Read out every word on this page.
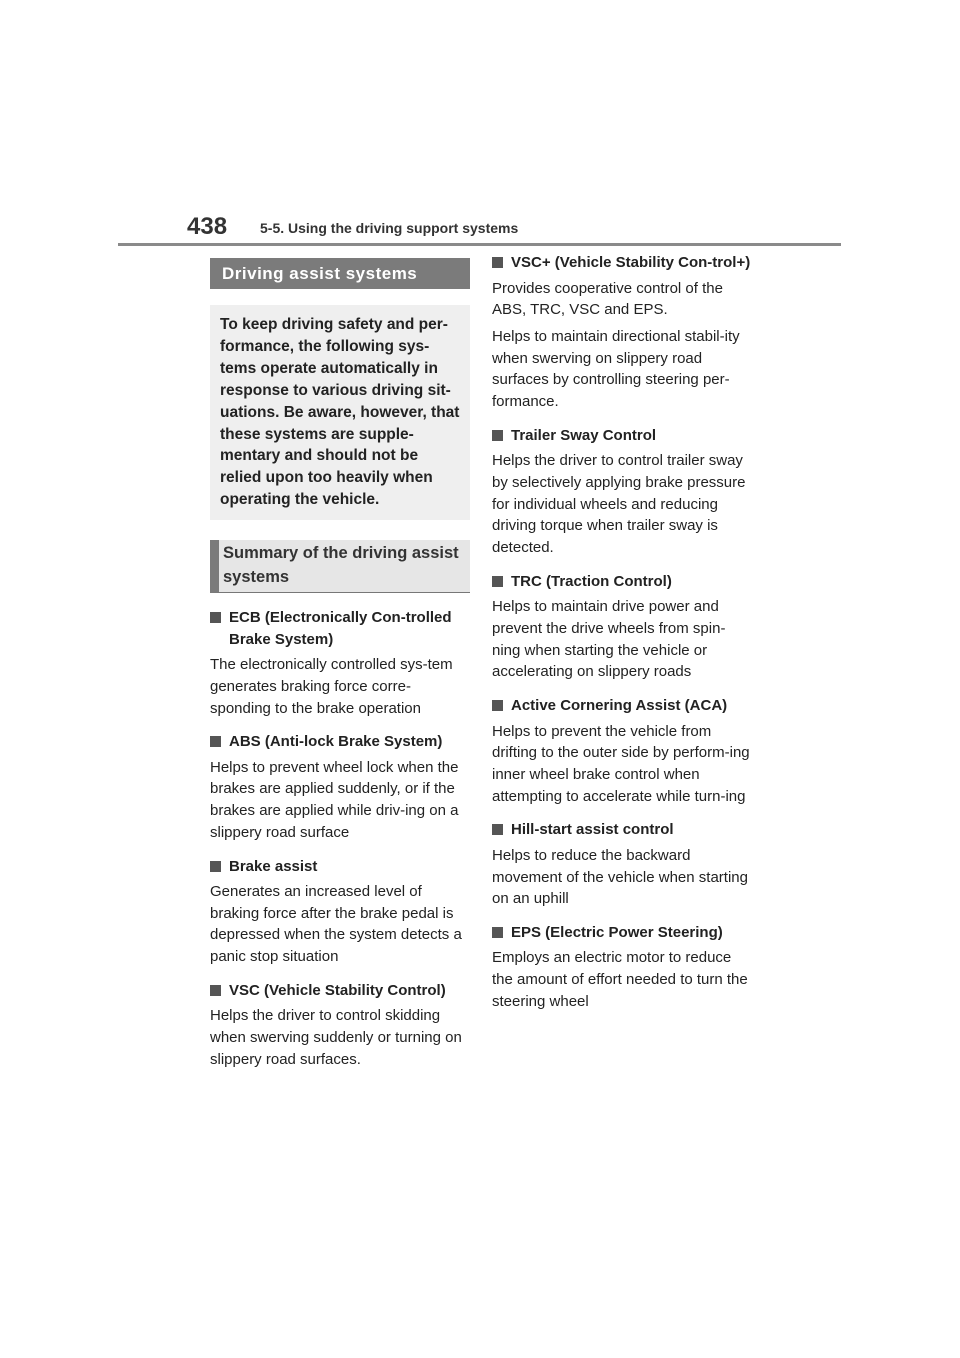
438 5-5. Using the driving support systems
Driving assist systems
To keep driving safety and per-formance, the following sys-tems operate automatically in response to various driving sit-uations. Be aware, however, that these systems are supple-mentary and should not be relied upon too heavily when operating the vehicle.
Summary of the driving assist systems
ECB (Electronically Con-trolled Brake System)
The electronically controlled sys-tem generates braking force corre-sponding to the brake operation
ABS (Anti-lock Brake System)
Helps to prevent wheel lock when the brakes are applied suddenly, or if the brakes are applied while driv-ing on a slippery road surface
Brake assist
Generates an increased level of braking force after the brake pedal is depressed when the system detects a panic stop situation
VSC (Vehicle Stability Control)
Helps the driver to control skidding when swerving suddenly or turning on slippery road surfaces.
VSC+ (Vehicle Stability Con-trol+)
Provides cooperative control of the ABS, TRC, VSC and EPS.
Helps to maintain directional stabil-ity when swerving on slippery road surfaces by controlling steering per-formance.
Trailer Sway Control
Helps the driver to control trailer sway by selectively applying brake pressure for individual wheels and reducing driving torque when trailer sway is detected.
TRC (Traction Control)
Helps to maintain drive power and prevent the drive wheels from spin-ning when starting the vehicle or accelerating on slippery roads
Active Cornering Assist (ACA)
Helps to prevent the vehicle from drifting to the outer side by perform-ing inner wheel brake control when attempting to accelerate while turn-ing
Hill-start assist control
Helps to reduce the backward movement of the vehicle when starting on an uphill
EPS (Electric Power Steering)
Employs an electric motor to reduce the amount of effort needed to turn the steering wheel
